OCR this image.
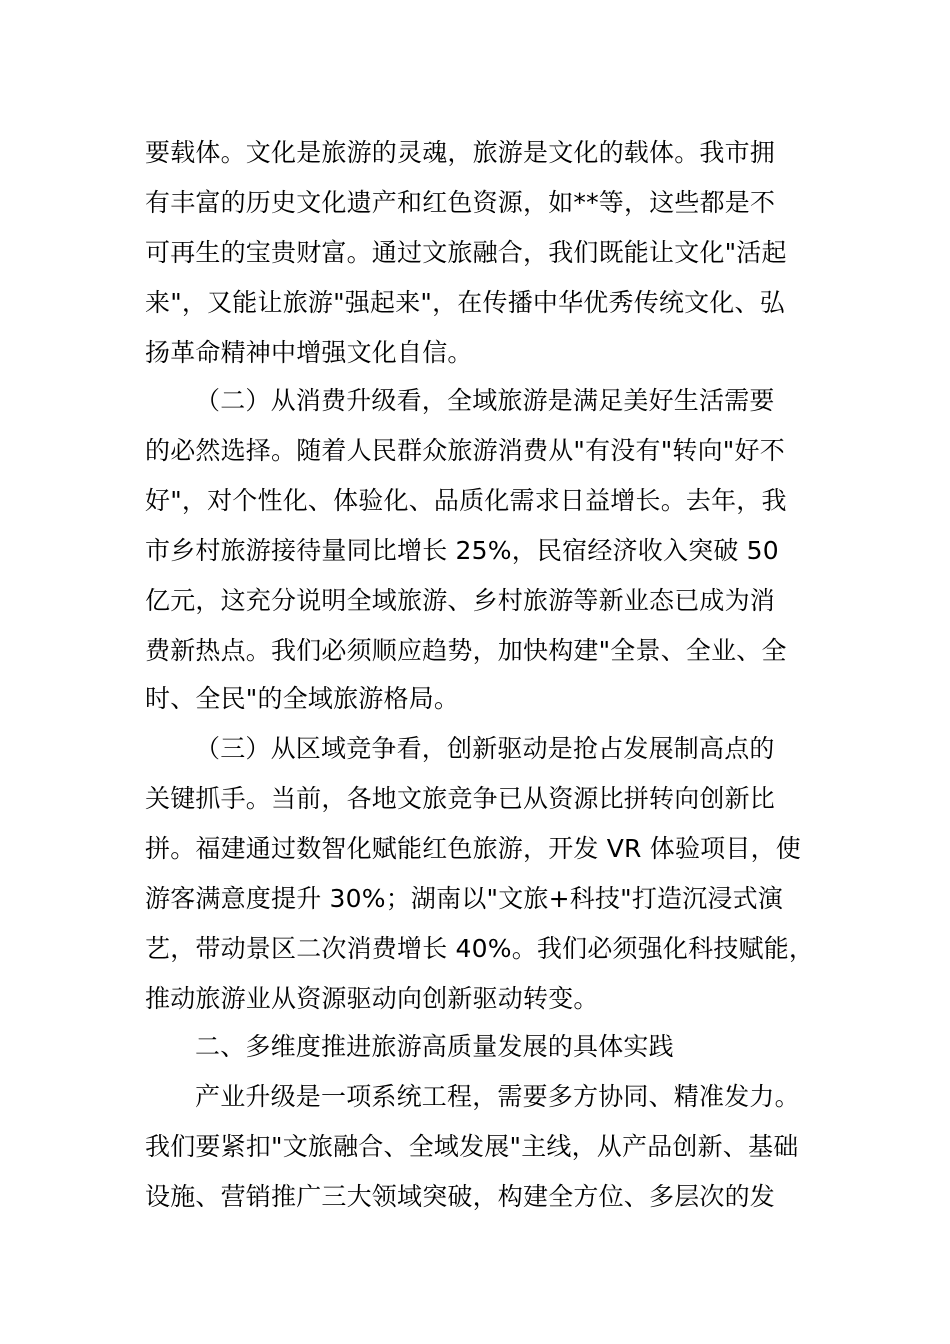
要载体。文化是旅游的灵魂，旅游是文化的载体。我市拥
有丰富的历史文化遗产和红色资源，如**等，这些都是不
可再生的宝贵财富。通过文旅融合，我们既能让文化"活起
来"，又能让旅游"强起来"，在传播中华优秀传统文化、弘
扬革命精神中增强文化自信。
（二）从消费升级看，全域旅游是满足美好生活需要
的必然选择。随着人民群众旅游消费从"有没有"转向"好不
好"，对个性化、体验化、品质化需求日益增长。去年，我
市乡村旅游接待量同比增长 25%，民宿经济收入突破 50
亿元，这充分说明全域旅游、乡村旅游等新业态已成为消
费新热点。我们必须顺应趋势，加快构建"全景、全业、全
时、全民"的全域旅游格局。
（三）从区域竞争看，创新驱动是抢占发展制高点的
关键抓手。当前，各地文旅竞争已从资源比拼转向创新比
拼。福建通过数智化赋能红色旅游，开发 VR 体验项目，使
游客满意度提升 30%；湖南以"文旅+科技"打造沉浸式演
艺，带动景区二次消费增长 40%。我们必须强化科技赋能，
推动旅游业从资源驱动向创新驱动转变。
二、多维度推进旅游高质量发展的具体实践
产业升级是一项系统工程，需要多方协同、精准发力。
我们要紧扣"文旅融合、全域发展"主线，从产品创新、基础
设施、营销推广三大领域突破，构建全方位、多层次的发
